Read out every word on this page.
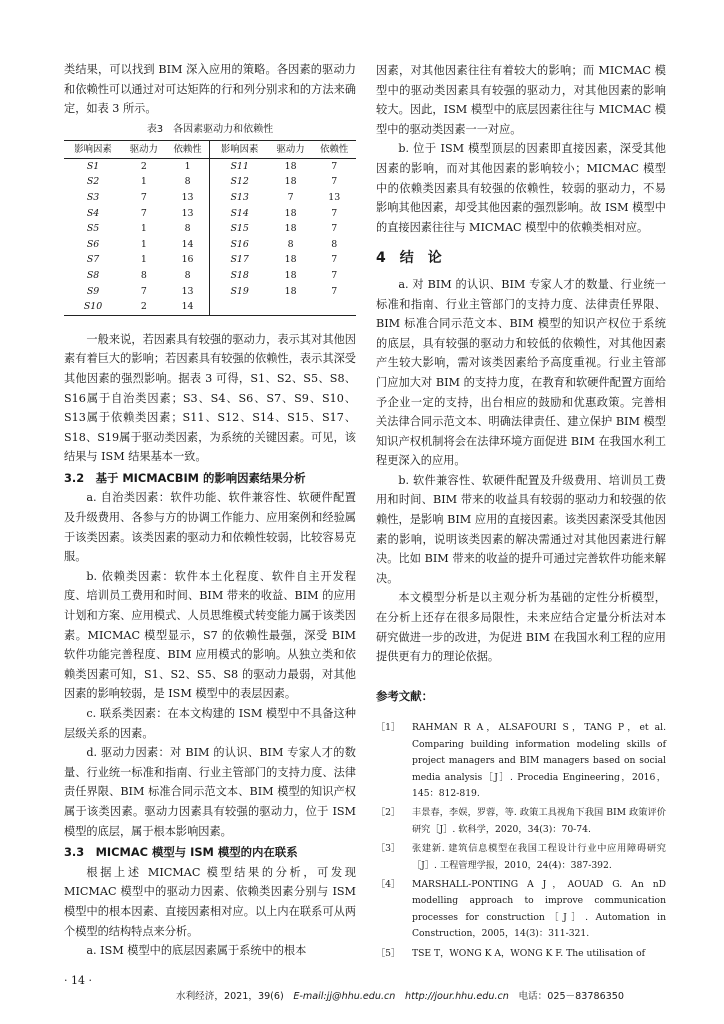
类结果，可以找到 BIM 深入应用的策略。各因素的驱动力和依赖性可以通过对可达矩阵的行和列分别求和的方法来确定，如表 3 所示。

表3　各因素驱动力和依赖性

影响因素	驱动力	依赖性	影响因素	驱动力	依赖性
S1	2	1	S11	18	7
S2	1	8	S12	18	7
S3	7	13	S13	7	13
S4	7	13	S14	18	7
S5	1	8	S15	18	7
S6	1	14	S16	8	8
S7	1	16	S17	18	7
S8	8	8	S18	18	7
S9	7	13	S19	18	7
S10	2	14			

一般来说，若因素具有较强的驱动力，表示其对其他因素有着巨大的影响；若因素具有较强的依赖性，表示其深受其他因素的强烈影响。据表 3 可得，S1、S2、S5、S8、S16属于自治类因素；S3、S4、S6、S7、S9、S10、S13属于依赖类因素；S11、S12、S14、S15、S17、S18、S19属于驱动类因素，为系统的关键因素。可见，该结果与 ISM 结果基本一致。

3.2　基于 MICMACBIM 的影响因素结果分析

a. 自治类因素：软件功能、软件兼容性、软硬件配置及升级费用、各参与方的协调工作能力、应用案例和经验属于该类因素。该类因素的驱动力和依赖性较弱，比较容易克服。

b. 依赖类因素：软件本土化程度、软件自主开发程度、培训员工费用和时间、BIM 带来的收益、BIM 的应用计划和方案、应用模式、人员思维模式转变能力属于该类因素。MICMAC 模型显示，S7 的依赖性最强，深受 BIM 软件功能完善程度、BIM 应用模式的影响。从独立类和依赖类因素可知，S1、S2、S5、S8 的驱动力最弱，对其他因素的影响较弱，是 ISM 模型中的表层因素。

c. 联系类因素：在本文构建的 ISM 模型中不具备这种层级关系的因素。

d. 驱动力因素：对 BIM 的认识、BIM 专家人才的数量、行业统一标准和指南、行业主管部门的支持力度、法律责任界限、BIM 标准合同示范文本、BIM 模型的知识产权属于该类因素。驱动力因素具有较强的驱动力，位于 ISM 模型的底层，属于根本影响因素。

3.3　MICMAC 模型与 ISM 模型的内在联系

根据上述 MICMAC 模型结果的分析，可发现 MICMAC 模型中的驱动力因素、依赖类因素分别与 ISM 模型中的根本因素、直接因素相对应。以上内在联系可从两个模型的结构特点来分析。

a. ISM 模型中的底层因素属于系统中的根本

因素，对其他因素往往有着较大的影响；而 MICMAC 模型中的驱动类因素具有较强的驱动力，对其他因素的影响较大。因此，ISM 模型中的底层因素往往与 MICMAC 模型中的驱动类因素一一对应。

b. 位于 ISM 模型顶层的因素即直接因素，深受其他因素的影响，而对其他因素的影响较小；MICMAC 模型中的依赖类因素具有较强的依赖性，较弱的驱动力，不易影响其他因素，却受其他因素的强烈影响。故 ISM 模型中的直接因素往往与 MICMAC 模型中的依赖类相对应。

4　结　论

a. 对 BIM 的认识、BIM 专家人才的数量、行业统一标准和指南、行业主管部门的支持力度、法律责任界限、BIM 标准合同示范文本、BIM 模型的知识产权位于系统的底层，具有较强的驱动力和较低的依赖性，对其他因素产生较大影响，需对该类因素给予高度重视。行业主管部门应加大对 BIM 的支持力度，在教育和软硬件配置方面给予企业一定的支持，出台相应的鼓励和优惠政策。完善相关法律合同示范文本、明确法律责任、建立保护 BIM 模型知识产权机制将会在法律环境方面促进 BIM 在我国水利工程更深入的应用。

b. 软件兼容性、软硬件配置及升级费用、培训员工费用和时间、BIM 带来的收益具有较弱的驱动力和较强的依赖性，是影响 BIM 应用的直接因素。该类因素深受其他因素的影响，说明该类因素的解决需通过对其他因素进行解决。比如 BIM 带来的收益的提升可通过完善软件功能来解决。

本文模型分析是以主观分析为基础的定性分析模型，在分析上还存在很多局限性，未来应结合定量分析法对本研究做进一步的改进，为促进 BIM 在我国水利工程的应用提供更有力的理论依据。

参考文献：

［1］ RAHMAN R A，ALSAFOURI S，TANG P，et al. Comparing building information modeling skills of project managers and BIM managers based on social media analysis［J］. Procedia Engineering，2016，145：812-819.
［2］ 丰景春，李娱，罗蓉，等. 政策工具视角下我国 BIM 政策评价研究［J］. 软科学，2020，34(3)：70-74.
［3］ 张建新. 建筑信息模型在我国工程设计行业中应用障碍研究［J］. 工程管理学报，2010，24(4)：387-392.
［4］ MARSHALL-PONTING A J，AOUAD G. An nD modelling approach to improve communication processes for construction［J］. Automation in Construction，2005，14(3)：311-321.
［5］ TSE T，WONG K A，WONG K F. The utilisation of
· 14 ·
水利经济，2021，39(6)　 E-mail:jj@hhu.edu.cn　 http://jour.hhu.edu.cn　 电话：025－83786350
